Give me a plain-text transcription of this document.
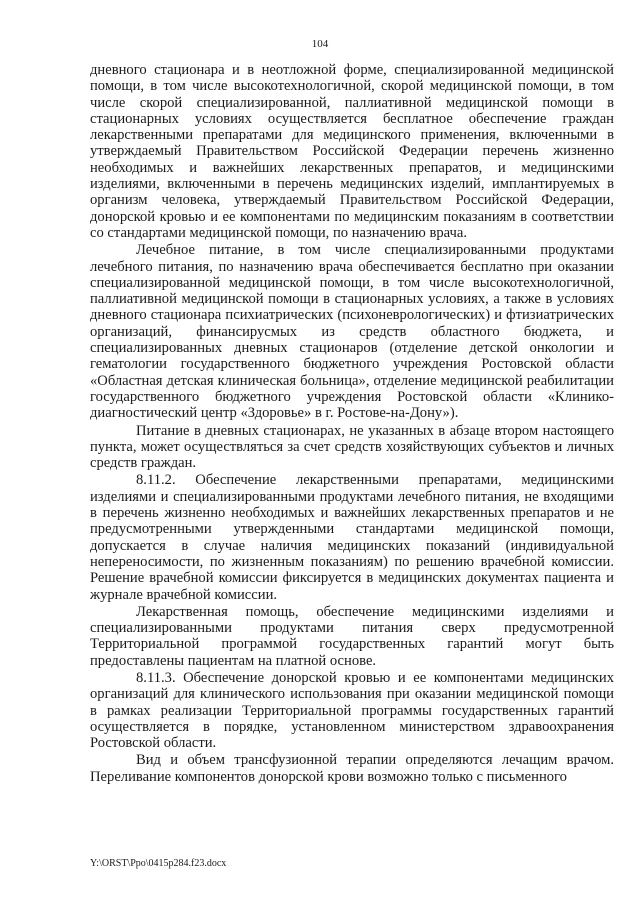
104

дневного стационара и в неотложной форме, специализированной медицинской помощи, в том числе высокотехнологичной, скорой медицинской помощи, в том числе скорой специализированной, паллиативной медицинской помощи в стационарных условиях осуществляется бесплатное обеспечение граждан лекарственными препаратами для медицинского применения, включенными в утверждаемый Правительством Российской Федерации перечень жизненно необходимых и важнейших лекарственных препаратов, и медицинскими изделиями, включенными в перечень медицинских изделий, имплантируемых в организм человека, утверждаемый Правительством Российской Федерации, донорской кровью и ее компонентами по медицинским показаниям в соответствии со стандартами медицинской помощи, по назначению врача.

Лечебное питание, в том числе специализированными продуктами лечебного питания, по назначению врача обеспечивается бесплатно при оказании специализированной медицинской помощи, в том числе высокотехнологичной, паллиативной медицинской помощи в стационарных условиях, а также в условиях дневного стационара психиатрических (психоневрологических) и фтизиатрических организаций, финансирусмых из средств областного бюджета, и специализированных дневных стационаров (отделение детской онкологии и гематологии государственного бюджетного учреждения Ростовской области «Областная детская клиническая больница», отделение медицинской реабилитации государственного бюджетного учреждения Ростовской области «Клинико-диагностический центр «Здоровье» в г. Ростове-на-Дону»).

Питание в дневных стационарах, не указанных в абзаце втором настоящего пункта, может осуществляться за счет средств хозяйствующих субъектов и личных средств граждан.

8.11.2. Обеспечение лекарственными препаратами, медицинскими изделиями и специализированными продуктами лечебного питания, не входящими в перечень жизненно необходимых и важнейших лекарственных препаратов и не предусмотренными утвержденными стандартами медицинской помощи, допускается в случае наличия медицинских показаний (индивидуальной непереносимости, по жизненным показаниям) по решению врачебной комиссии. Решение врачебной комиссии фиксируется в медицинских документах пациента и журнале врачебной комиссии.

Лекарственная помощь, обеспечение медицинскими изделиями и специализированными продуктами питания сверх предусмотренной Территориальной программой государственных гарантий могут быть предоставлены пациентам на платной основе.

8.11.3. Обеспечение донорской кровью и ее компонентами медицинских организаций для клинического использования при оказании медицинской помощи в рамках реализации Территориальной программы государственных гарантий осуществляется в порядке, установленном министерством здравоохранения Ростовской области.

Вид и объем трансфузионной терапии определяются лечащим врачом. Переливание компонентов донорской крови возможно только с письменного

Y:\ORST\Ppo\0415p284.f23.docx
